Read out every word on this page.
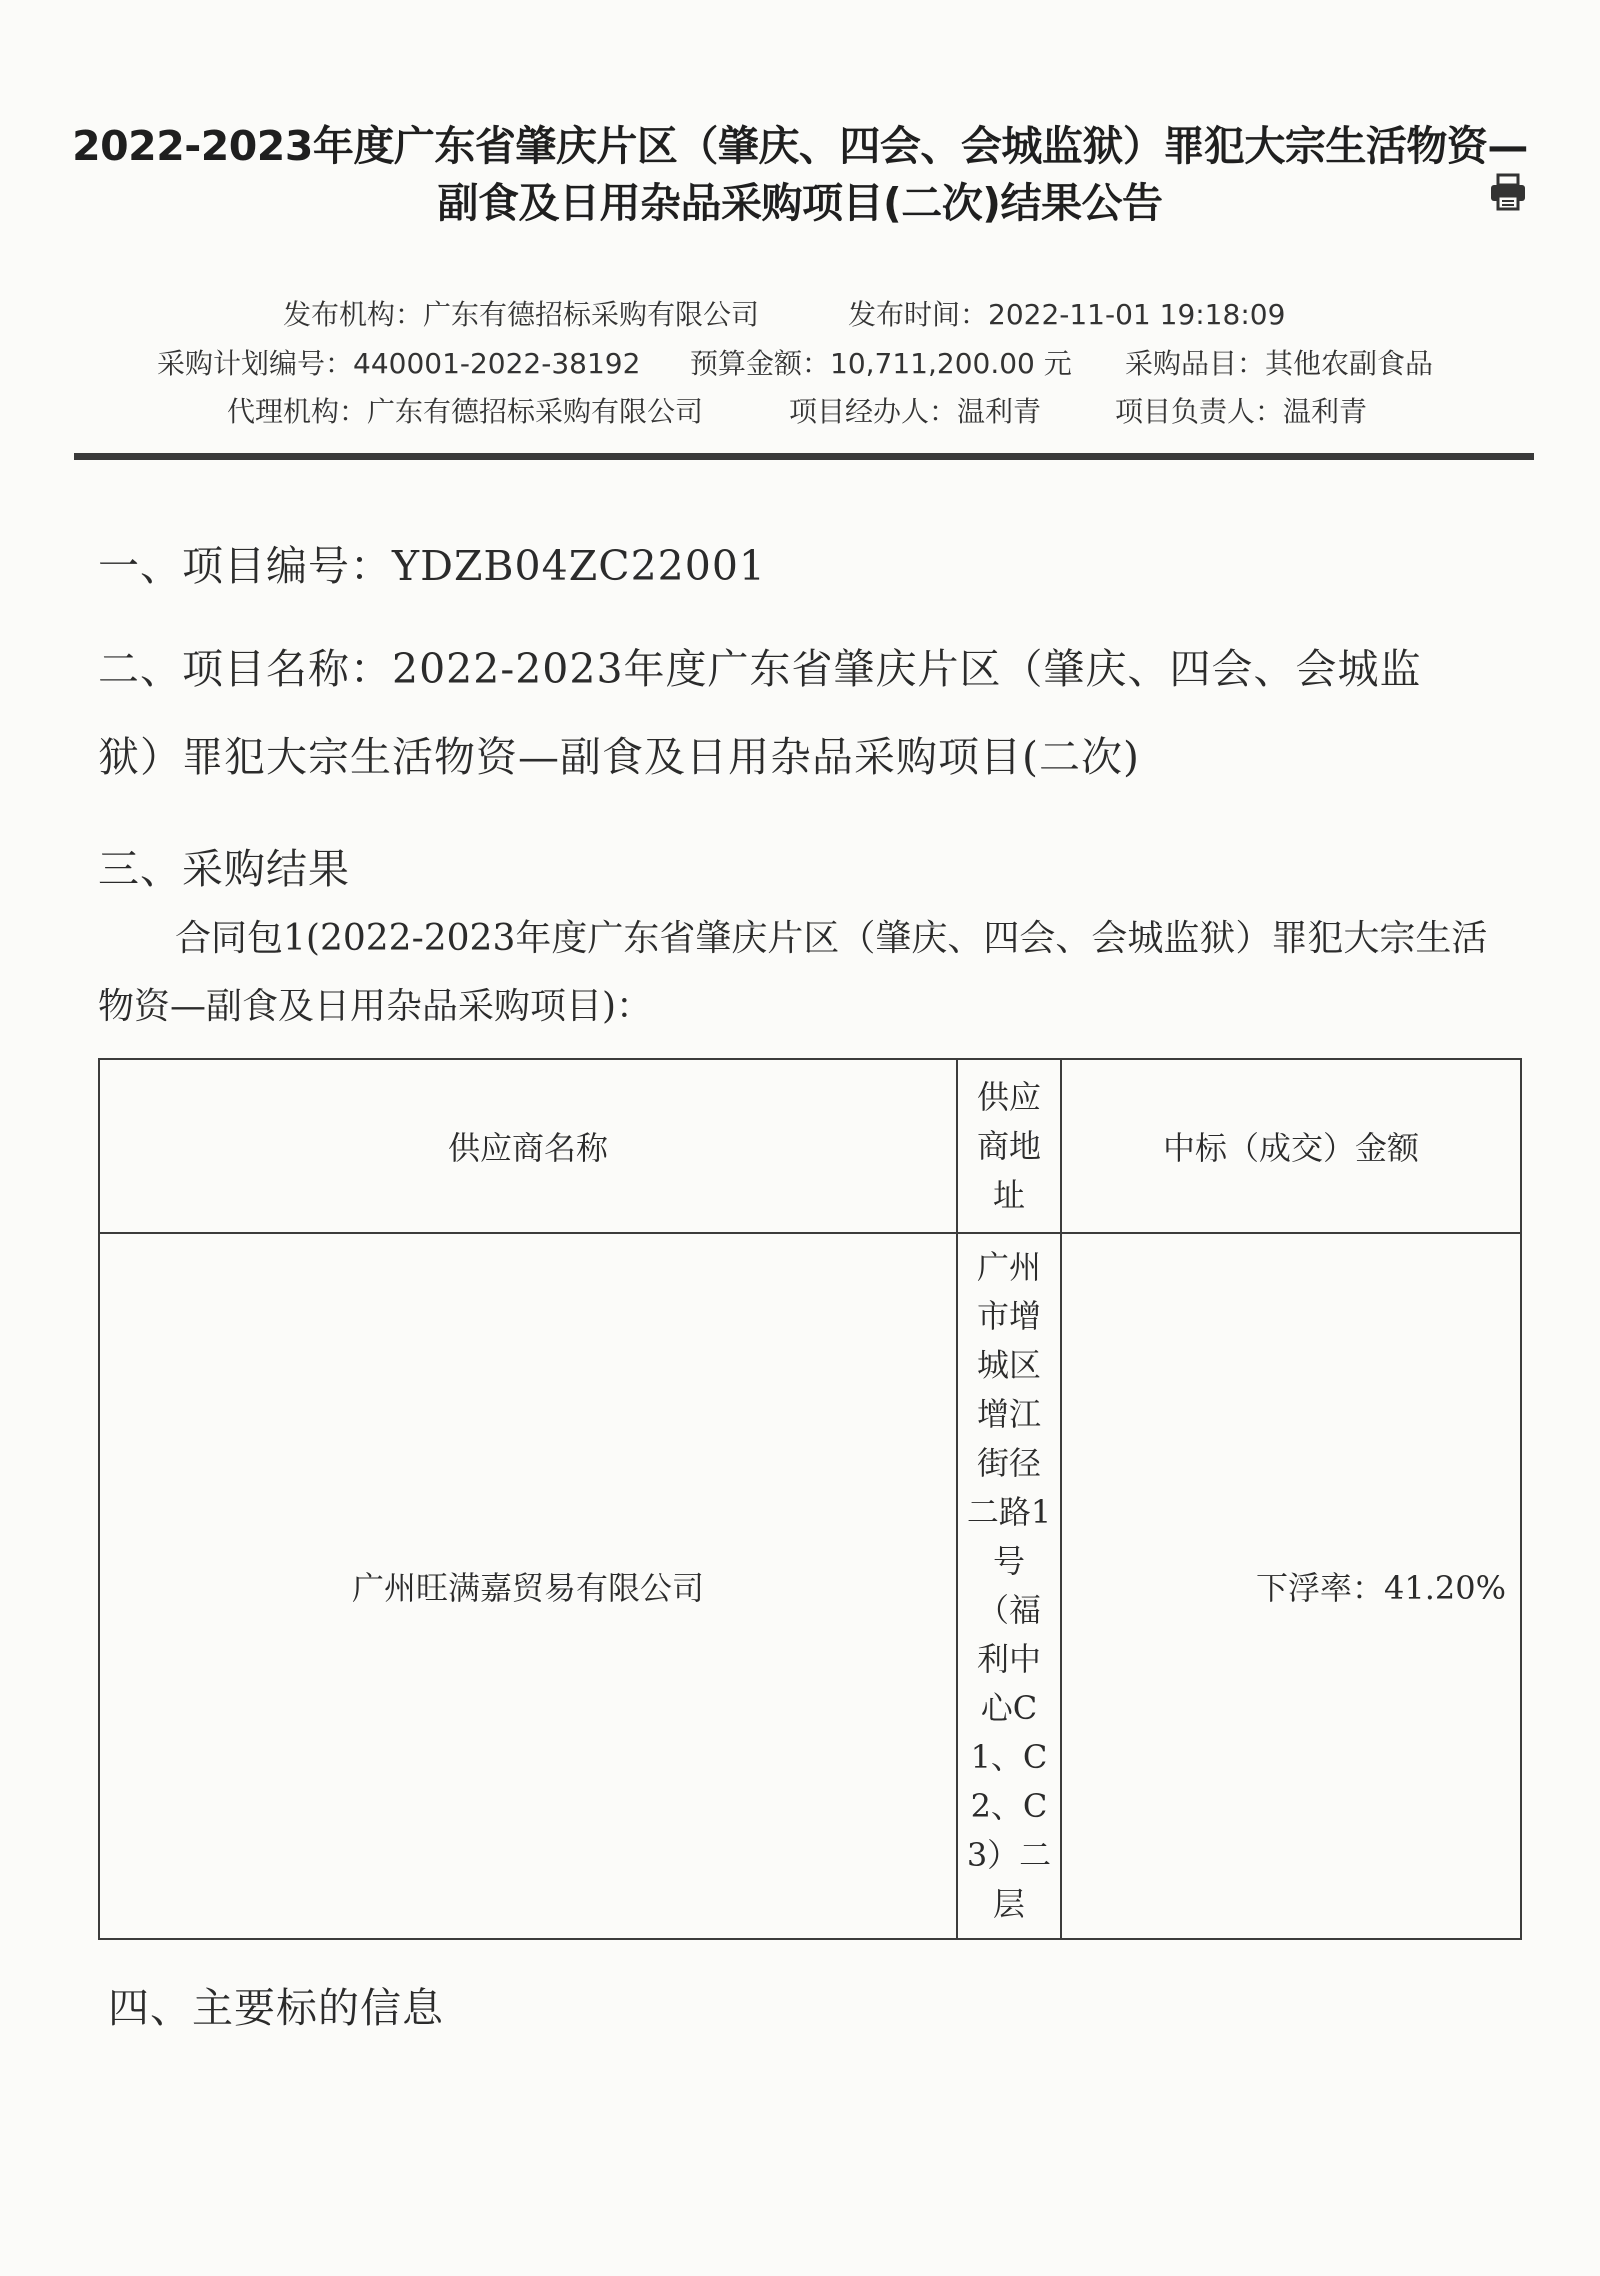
2022-2023年度广东省肇庆片区（肇庆、四会、会城监狱）罪犯大宗生活物资—
副食及日用杂品采购项目(二次)结果公告
发布机构：广东有德招标采购有限公司	发布时间：2022-11-01 19:18:09
采购计划编号：440001-2022-38192 预算金额：10,711,200.00 元 采购品目：其他农副食品
代理机构：广东有德招标采购有限公司	项目经办人：温利青	项目负责人：温利青
一、项目编号：YDZB04ZC22001
二、项目名称：2022-2023年度广东省肇庆片区（肇庆、四会、会城监
狱）罪犯大宗生活物资—副食及日用杂品采购项目(二次)
三、采购结果
合同包1(2022-2023年度广东省肇庆片区（肇庆、四会、会城监狱）罪犯大宗生活
物资—副食及日用杂品采购项目)：
供应商名称	供应商地址	中标（成交）金额
广州旺满嘉贸易有限公司	广州市增城区增江街径二路1号（福利中心C1、C2、C3）二层	下浮率：41.20%
四、主要标的信息
